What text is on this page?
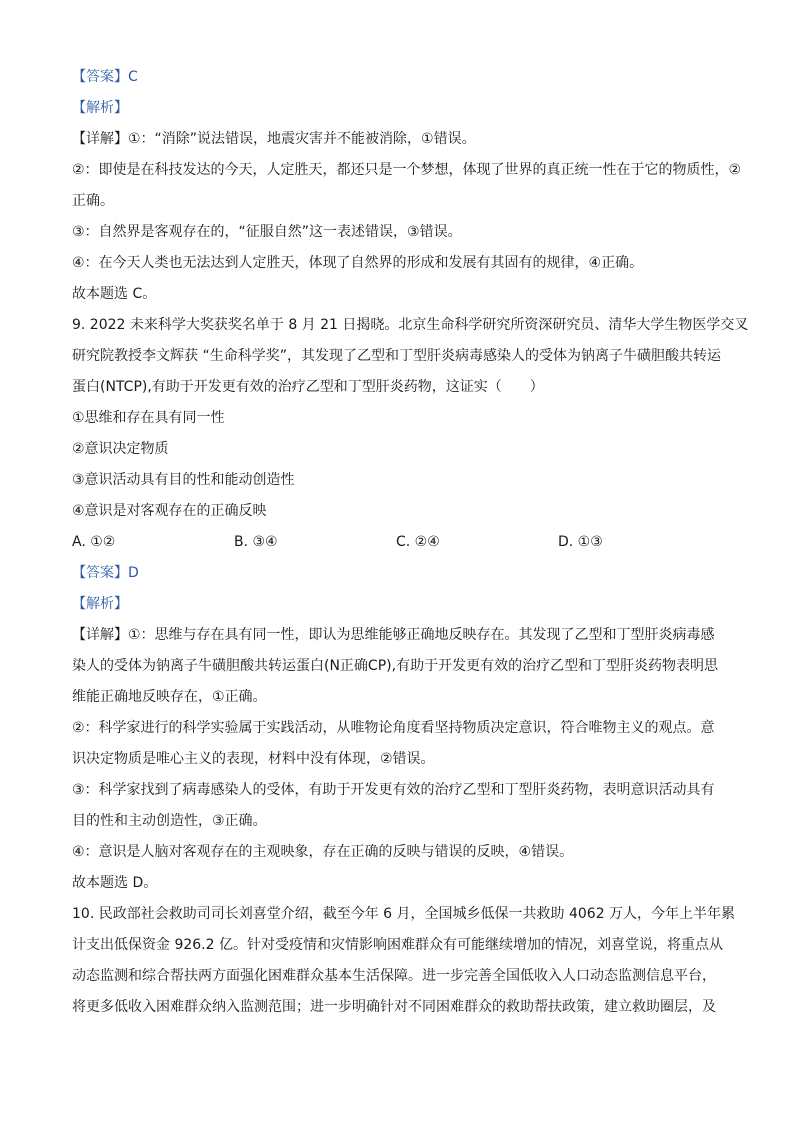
【答案】C
【解析】
【详解】①：“消除”说法错误，地震灾害并不能被消除，①错误。
②：即使是在科技发达的今天，人定胜天，都还只是一个梦想，体现了世界的真正统一性在于它的物质性，②
正确。
③：自然界是客观存在的，“征服自然”这一表述错误，③错误。
④：在今天人类也无法达到人定胜天，体现了自然界的形成和发展有其固有的规律，④正确。
故本题选 C。
9. 2022 未来科学大奖获奖名单于 8 月 21 日揭晓。北京生命科学研究所资深研究员、清华大学生物医学交叉
研究院教授李文辉获 “生命科学奖”，其发现了乙型和丁型肝炎病毒感染人的受体为钠离子牛磺胆酸共转运
蛋白(NTCP),有助于开发更有效的治疗乙型和丁型肝炎药物，这证实（　　）
①思维和存在具有同一性
②意识决定物质
③意识活动具有目的性和能动创造性
④意识是对客观存在的正确反映
A. ①②	B. ③④	C. ②④	D. ①③
【答案】D
【解析】
【详解】①：思维与存在具有同一性，即认为思维能够正确地反映存在。其发现了乙型和丁型肝炎病毒感
染人的受体为钠离子牛磺胆酸共转运蛋白(N正确CP),有助于开发更有效的治疗乙型和丁型肝炎药物表明思
维能正确地反映存在，①正确。
②：科学家进行的科学实验属于实践活动，从唯物论角度看坚持物质决定意识，符合唯物主义的观点。意
识决定物质是唯心主义的表现，材料中没有体现，②错误。
③：科学家找到了病毒感染人的受体，有助于开发更有效的治疗乙型和丁型肝炎药物，表明意识活动具有
目的性和主动创造性，③正确。
④：意识是人脑对客观存在的主观映象，存在正确的反映与错误的反映，④错误。
故本题选 D。
10. 民政部社会救助司司长刘喜堂介绍，截至今年 6 月，全国城乡低保一共救助 4062 万人，今年上半年累
计支出低保资金 926.2 亿。针对受疫情和灾情影响困难群众有可能继续增加的情况，刘喜堂说，将重点从
动态监测和综合帮扶两方面强化困难群众基本生活保障。进一步完善全国低收入人口动态监测信息平台，
将更多低收入困难群众纳入监测范围；进一步明确针对不同困难群众的救助帮扶政策，建立救助圈层，及
